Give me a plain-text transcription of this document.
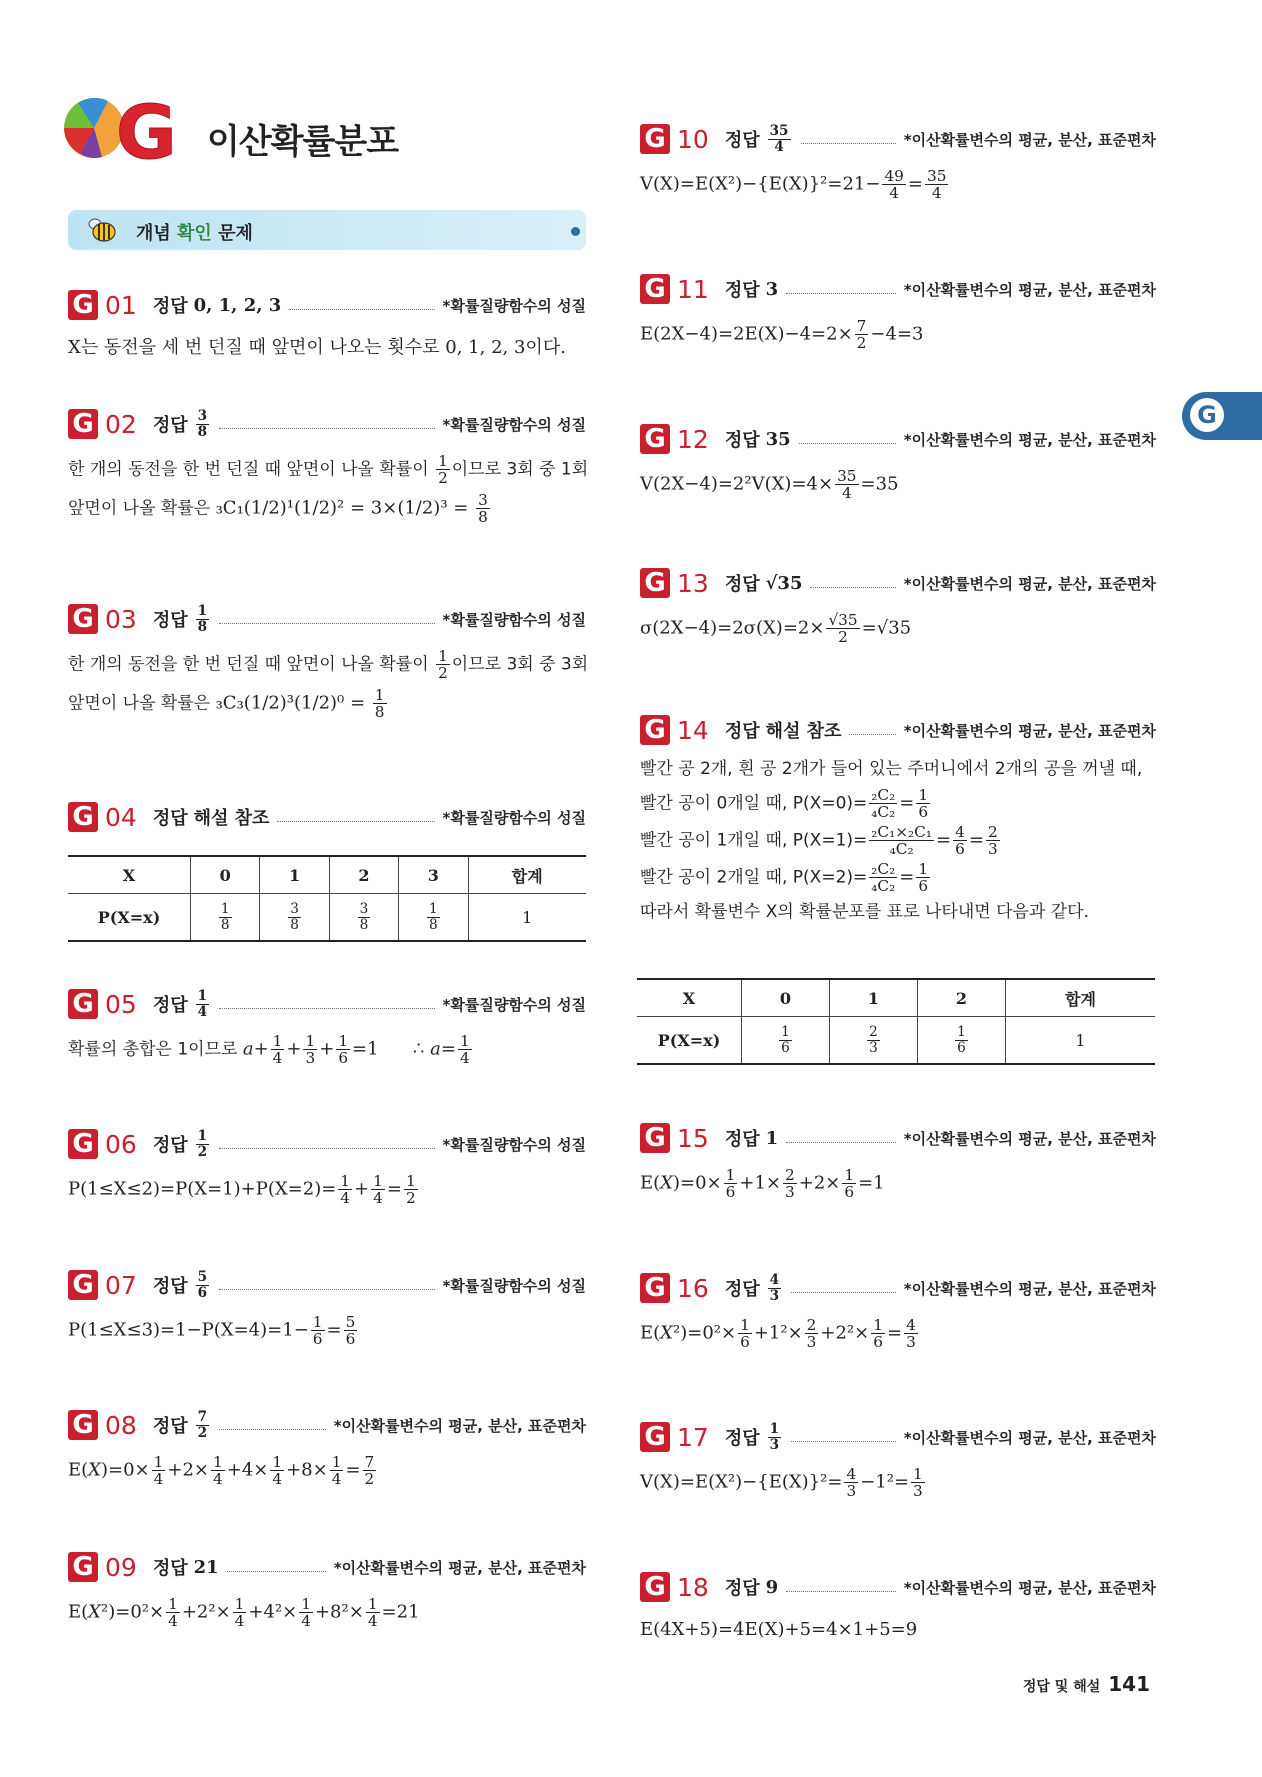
G 이산확률분포
개념 확인 문제
G 01 정답 0, 1, 2, 3	*확률질량함수의 성질
X는 동전을 세 번 던질 때 앞면이 나오는 횟수로 0, 1, 2, 3이다.
G 02 정답 $\frac{3}{8}$	*확률질량함수의 성질
한 개의 동전을 한 번 던질 때 앞면이 나올 확률이 $\frac{1}{2}$ 이므로 3회 중 1회
앞면이 나올 확률은 $_3C_1(1/2)^1(1/2)^2 = 3\times(1/2)^3 = \frac{3}{8}$
G 03 정답 $\frac{1}{8}$	*확률질량함수의 성질
한 개의 동전을 한 번 던질 때 앞면이 나올 확률이 $\frac{1}{2}$ 이므로 3회 중 3회
앞면이 나올 확률은 $_3C_3(1/2)^3(1/2)^0 = \frac{1}{8}$
G 04 정답 해설 참조	*확률질량함수의 성질
X	0	1	2	3	합계
P(X=x)	$\frac{1}{8}$	$\frac{3}{8}$	$\frac{3}{8}$	$\frac{1}{8}$	1
G 05 정답 $\frac{1}{4}$	*확률질량함수의 성질
확률의 총합은 1이므로 $a+ \frac{1}{4} + \frac{1}{3} + \frac{1}{6} =1$      ∴ $a= \frac{1}{4}$
G 06 정답 $\frac{1}{2}$	*확률질량함수의 성질
$P(1\le X\le 2)=P(X=1)+P(X=2)= \frac{1}{4} + \frac{1}{4} = \frac{1}{2}$
G 07 정답 $\frac{5}{6}$	*확률질량함수의 성질
$P(1\le X\le 3)=1-P(X=4)=1- \frac{1}{6} = \frac{5}{6}$
G 08 정답 $\frac{7}{2}$	*이산확률변수의 평균, 분산, 표준편차
$E(X)=0\times \frac{1}{4} +2\times \frac{1}{4} +4\times \frac{1}{4} +8\times \frac{1}{4} = \frac{7}{2}$
G 09 정답 21	*이산확률변수의 평균, 분산, 표준편차
$E(X^2)=0^2\times \frac{1}{4} +2^2\times \frac{1}{4} +4^2\times \frac{1}{4} +8^2\times \frac{1}{4} =21$
G 10 정답 $\frac{35}{4}$	*이산확률변수의 평균, 분산, 표준편차
$V(X)=E(X^2)-\{E(X)\}^2=21- \frac{49}{4} = \frac{35}{4}$
G 11 정답 3	*이산확률변수의 평균, 분산, 표준편차
$E(2X-4)=2E(X)-4=2\times \frac{7}{2} -4=3$
G 12 정답 35	*이산확률변수의 평균, 분산, 표준편차
$V(2X-4)=2^2V(X)=4\times \frac{35}{4} =35$
G 13 정답 √35	*이산확률변수의 평균, 분산, 표준편차
$\sigma(2X-4)=2\sigma(X)=2\times \frac{√35}{2} =√35$
G 14 정답 해설 참조	*이산확률변수의 평균, 분산, 표준편차
빨간 공 2개, 흰 공 2개가 들어 있는 주머니에서 2개의 공을 꺼낼 때,
빨간 공이 0개일 때, $P(X=0)= \frac{\text{₂C₂}}{\text{₄C₂}} = \frac{1}{6}$
빨간 공이 1개일 때, $P(X=1)= \frac{\text{₂C₁×₂C₁}}{\text{₄C₂}} = \frac{4}{6} = \frac{2}{3}$
빨간 공이 2개일 때, $P(X=2)= \frac{\text{₂C₂}}{\text{₄C₂}} = \frac{1}{6}$
따라서 확률변수 X의 확률분포를 표로 나타내면 다음과 같다.
X	0	1	2	합계
P(X=x)	$\frac{1}{6}$	$\frac{2}{3}$	$\frac{1}{6}$	1
G 15 정답 1	*이산확률변수의 평균, 분산, 표준편차
$E(X)=0\times \frac{1}{6} +1\times \frac{2}{3} +2\times \frac{1}{6} =1$
G 16 정답 $\frac{4}{3}$	*이산확률변수의 평균, 분산, 표준편차
$E(X^2)=0^2\times \frac{1}{6} +1^2\times \frac{2}{3} +2^2\times \frac{1}{6} = \frac{4}{3}$
G 17 정답 $\frac{1}{3}$	*이산확률변수의 평균, 분산, 표준편차
$V(X)=E(X^2)-\{E(X)\}^2= \frac{4}{3} -1^2= \frac{1}{3}$
G 18 정답 9	*이산확률변수의 평균, 분산, 표준편차
E(4X+5)=4E(X)+5=4×1+5=9
G
정답 및 해설 141
